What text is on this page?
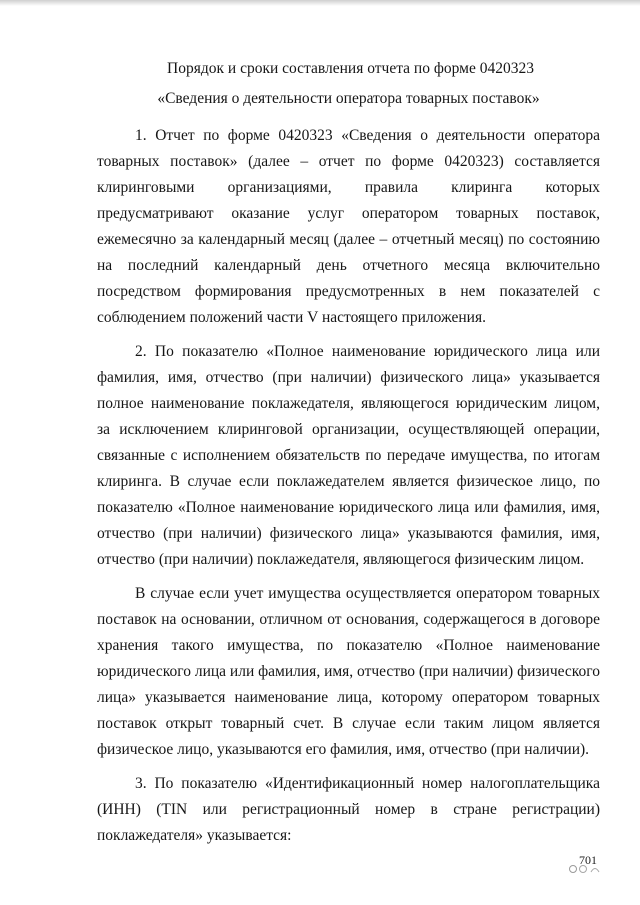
Порядок и сроки составления отчета по форме 0420323

«Сведения о деятельности оператора товарных поставок»

1. Отчет по форме 0420323 «Сведения о деятельности оператора товарных поставок» (далее – отчет по форме 0420323) составляется клиринговыми организациями, правила клиринга которых предусматривают оказание услуг оператором товарных поставок, ежемесячно за календарный месяц (далее – отчетный месяц) по состоянию на последний календарный день отчетного месяца включительно посредством формирования предусмотренных в нем показателей с соблюдением положений части V настоящего приложения.

2. По показателю «Полное наименование юридического лица или фамилия, имя, отчество (при наличии) физического лица» указывается полное наименование поклажедателя, являющегося юридическим лицом, за исключением клиринговой организации, осуществляющей операции, связанные с исполнением обязательств по передаче имущества, по итогам клиринга. В случае если поклажедателем является физическое лицо, по показателю «Полное наименование юридического лица или фамилия, имя, отчество (при наличии) физического лица» указываются фамилия, имя, отчество (при наличии) поклажедателя, являющегося физическим лицом.

В случае если учет имущества осуществляется оператором товарных поставок на основании, отличном от основания, содержащегося в договоре хранения такого имущества, по показателю «Полное наименование юридического лица или фамилия, имя, отчество (при наличии) физического лица» указывается наименование лица, которому оператором товарных поставок открыт товарный счет. В случае если таким лицом является физическое лицо, указываются его фамилия, имя, отчество (при наличии).

3. По показателю «Идентификационный номер налогоплательщика (ИНН) (TIN или регистрационный номер в стране регистрации) поклажедателя» указывается:

701
